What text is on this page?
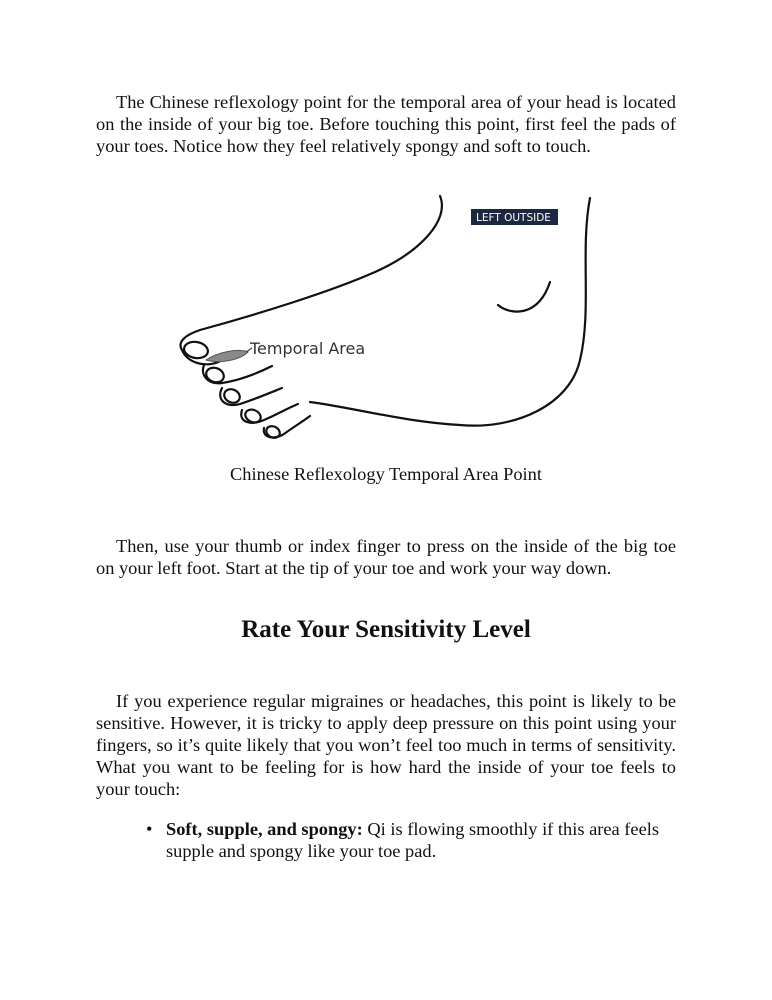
The Chinese reflexology point for the temporal area of your head is located on the inside of your big toe. Before touching this point, first feel the pads of your toes. Notice how they feel relatively spongy and soft to touch.

Temporal Area
LEFT OUTSIDE
Chinese Reflexology Temporal Area Point

Then, use your thumb or index finger to press on the inside of the big toe on your left foot. Start at the tip of your toe and work your way down.

Rate Your Sensitivity Level

If you experience regular migraines or headaches, this point is likely to be sensitive. However, it is tricky to apply deep pressure on this point using your fingers, so it’s quite likely that you won’t feel too much in terms of sensitivity. What you want to be feeling for is how hard the inside of your toe feels to your touch:

• Soft, supple, and spongy: Qi is flowing smoothly if this area feels supple and spongy like your toe pad.
